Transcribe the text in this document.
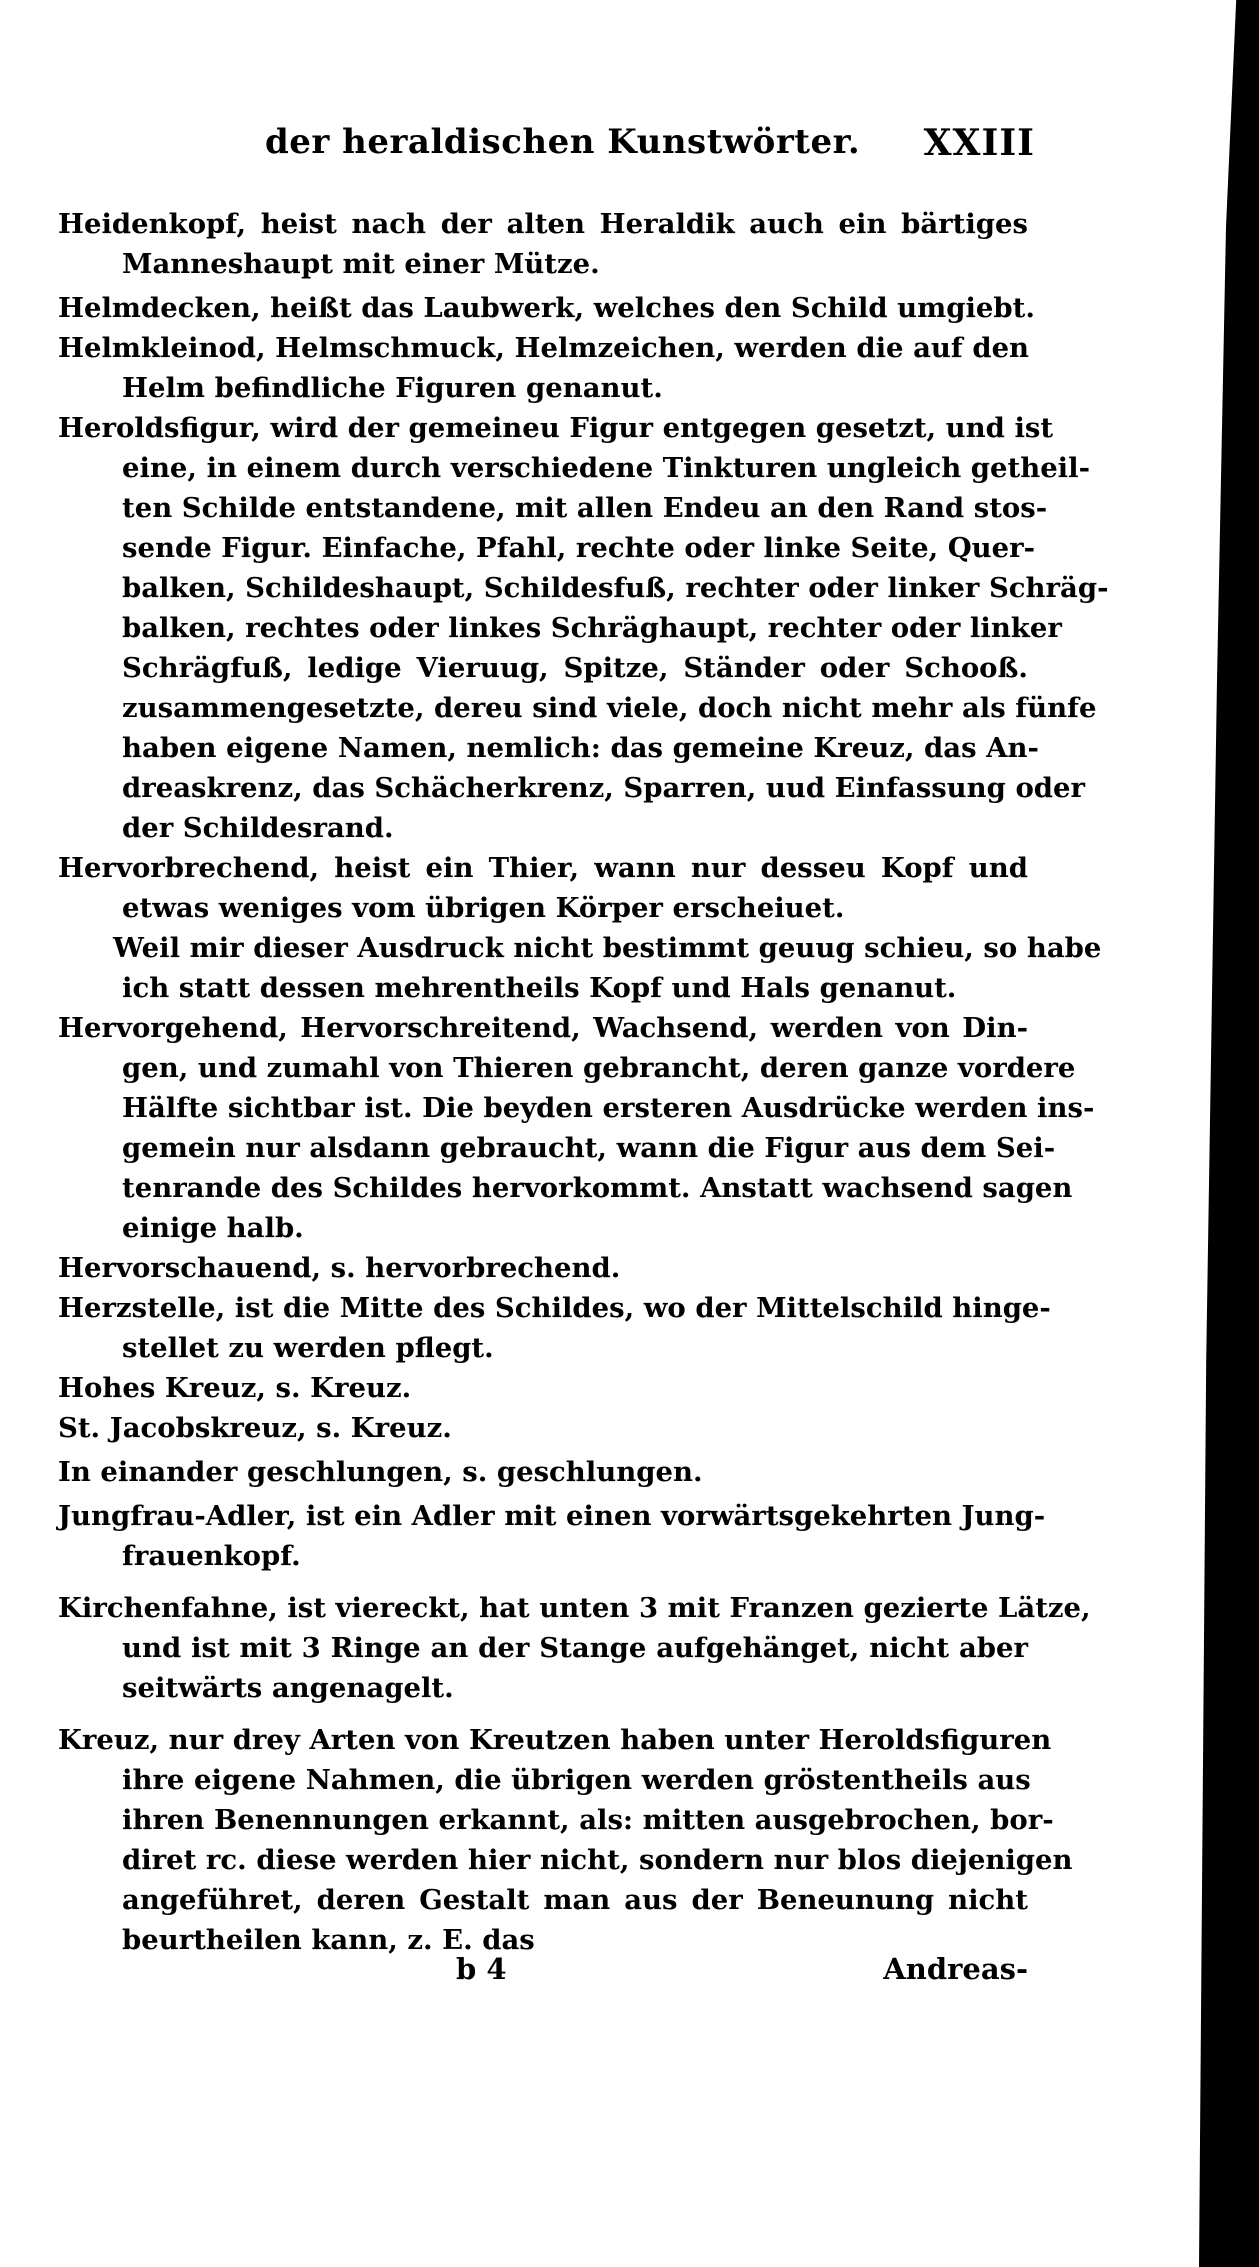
der heraldischen Kunstwörter. XXIII
Heidenkopf, heist nach der alten Heraldik auch ein bärtiges
Manneshaupt mit einer Mütze.
Helmdecken, heißt das Laubwerk, welches den Schild umgiebt.
Helmkleinod, Helmschmuck, Helmzeichen, werden die auf den
Helm befindliche Figuren genanut.
Heroldsfigur, wird der gemeineu Figur entgegen gesetzt, und ist
eine, in einem durch verschiedene Tinkturen ungleich getheil-
ten Schilde entstandene, mit allen Endeu an den Rand stos-
sende Figur. Einfache, Pfahl, rechte oder linke Seite, Quer-
balken, Schildeshaupt, Schildesfuß, rechter oder linker Schräg-
balken, rechtes oder linkes Schräghaupt, rechter oder linker
Schrägfuß, ledige Vieruug, Spitze, Ständer oder Schooß.
zusammengesetzte, dereu sind viele, doch nicht mehr als fünfe
haben eigene Namen, nemlich: das gemeine Kreuz, das An-
dreaskrenz, das Schächerkrenz, Sparren, uud Einfassung oder
der Schildesrand.
Hervorbrechend, heist ein Thier, wann nur desseu Kopf und
etwas weniges vom übrigen Körper erscheiuet.
Weil mir dieser Ausdruck nicht bestimmt geuug schieu, so habe
ich statt dessen mehrentheils Kopf und Hals genanut.
Hervorgehend, Hervorschreitend, Wachsend, werden von Din-
gen, und zumahl von Thieren gebrancht, deren ganze vordere
Hälfte sichtbar ist. Die beyden ersteren Ausdrücke werden ins-
gemein nur alsdann gebraucht, wann die Figur aus dem Sei-
tenrande des Schildes hervorkommt. Anstatt wachsend sagen
einige halb.
Hervorschauend, s. hervorbrechend.
Herzstelle, ist die Mitte des Schildes, wo der Mittelschild hinge-
stellet zu werden pflegt.
Hohes Kreuz, s. Kreuz.
St. Jacobskreuz, s. Kreuz.
In einander geschlungen, s. geschlungen.
Jungfrau-Adler, ist ein Adler mit einen vorwärtsgekehrten Jung-
frauenkopf.
Kirchenfahne, ist viereckt, hat unten 3 mit Franzen gezierte Lätze,
und ist mit 3 Ringe an der Stange aufgehänget, nicht aber
seitwärts angenagelt.
Kreuz, nur drey Arten von Kreutzen haben unter Heroldsfiguren
ihre eigene Nahmen, die übrigen werden gröstentheils aus
ihren Benennungen erkannt, als: mitten ausgebrochen, bor-
diret rc. diese werden hier nicht, sondern nur blos diejenigen
angeführet, deren Gestalt man aus der Beneunung nicht
beurtheilen kann, z. E. das
b 4	Andreas-
